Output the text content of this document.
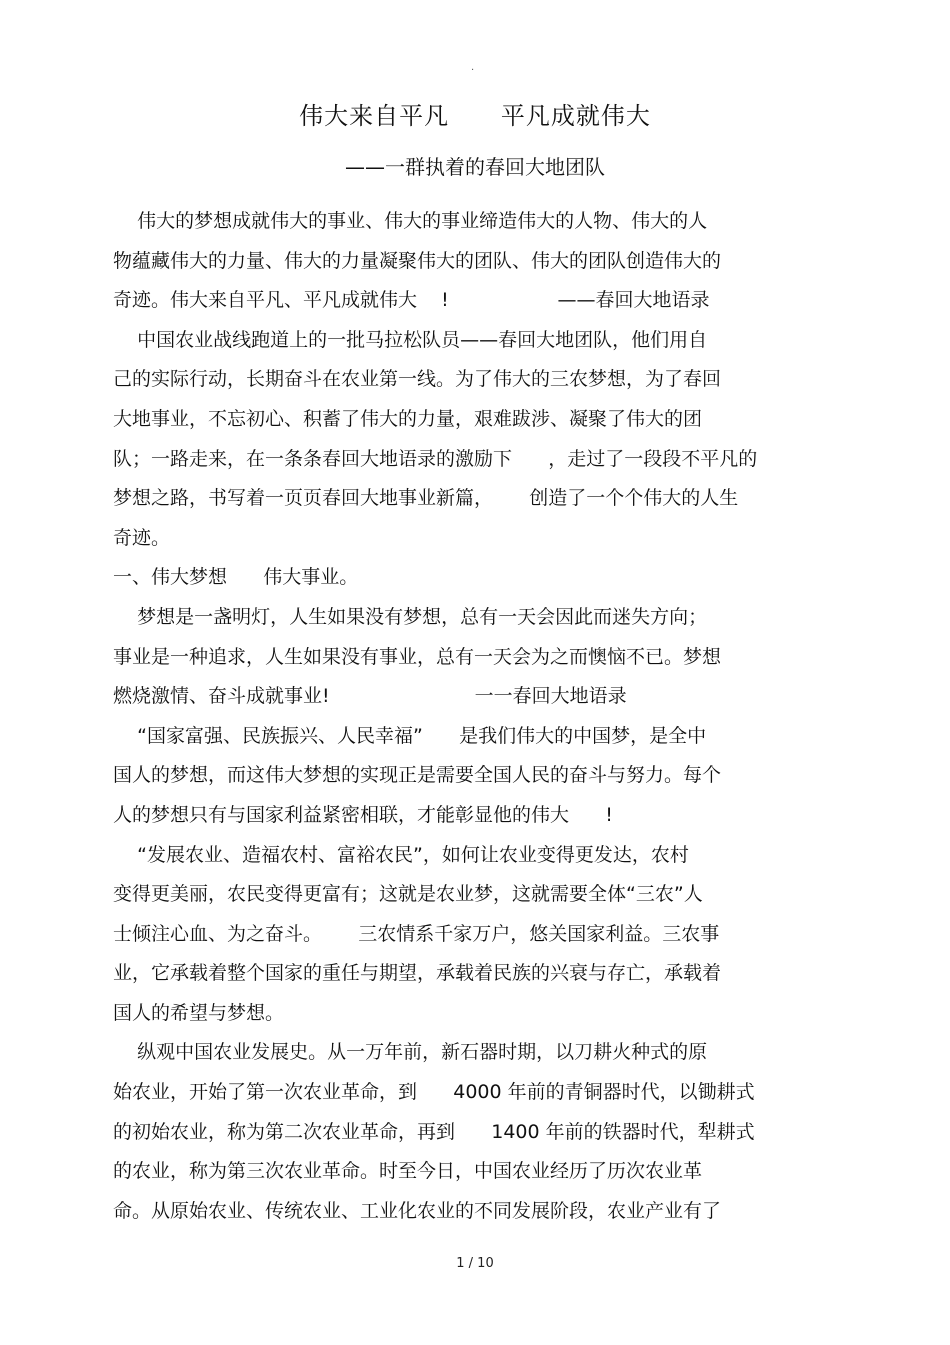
.
伟大来自平凡      平凡成就伟大
——一群执着的春回大地团队
伟大的梦想成就伟大的事业、伟大的事业缔造伟大的人物、伟大的人
物蕴藏伟大的力量、伟大的力量凝聚伟大的团队、伟大的团队创造伟大的
奇迹。伟大来自平凡、平凡成就伟大    !                  ——春回大地语录
中国农业战线跑道上的一批马拉松队员——春回大地团队，他们用自
己的实际行动，长期奋斗在农业第一线。为了伟大的三农梦想，为了春回
大地事业，不忘初心、积蓄了伟大的力量，艰难跋涉、凝聚了伟大的团
队；一路走来，在一条条春回大地语录的激励下      ，走过了一段段不平凡的
梦想之路，书写着一页页春回大地事业新篇，      创造了一个个伟大的人生
奇迹。
一、伟大梦想      伟大事业。
梦想是一盏明灯，人生如果没有梦想，总有一天会因此而迷失方向；
事业是一种追求，人生如果没有事业，总有一天会为之而懊恼不已。梦想
燃烧激情、奋斗成就事业!                        一一春回大地语录
“国家富强、民族振兴、人民幸福”      是我们伟大的中国梦，是全中
国人的梦想，而这伟大梦想的实现正是需要全国人民的奋斗与努力。每个
人的梦想只有与国家利益紧密相联，才能彰显他的伟大      !
“发展农业、造福农村、富裕农民”，如何让农业变得更发达，农村
变得更美丽，农民变得更富有；这就是农业梦，这就需要全体“三农”人
士倾注心血、为之奋斗。      三农情系千家万户，悠关国家利益。三农事
业，它承载着整个国家的重任与期望，承载着民族的兴衰与存亡，承载着
国人的希望与梦想。
纵观中国农业发展史。从一万年前，新石器时期，以刀耕火种式的原
始农业，开始了第一次农业革命，到      4000 年前的青铜器时代，以锄耕式
的初始农业，称为第二次农业革命，再到      1400 年前的铁器时代，犁耕式
的农业，称为第三次农业革命。时至今日，中国农业经历了历次农业革
命。从原始农业、传统农业、工业化农业的不同发展阶段，农业产业有了
1 / 10
